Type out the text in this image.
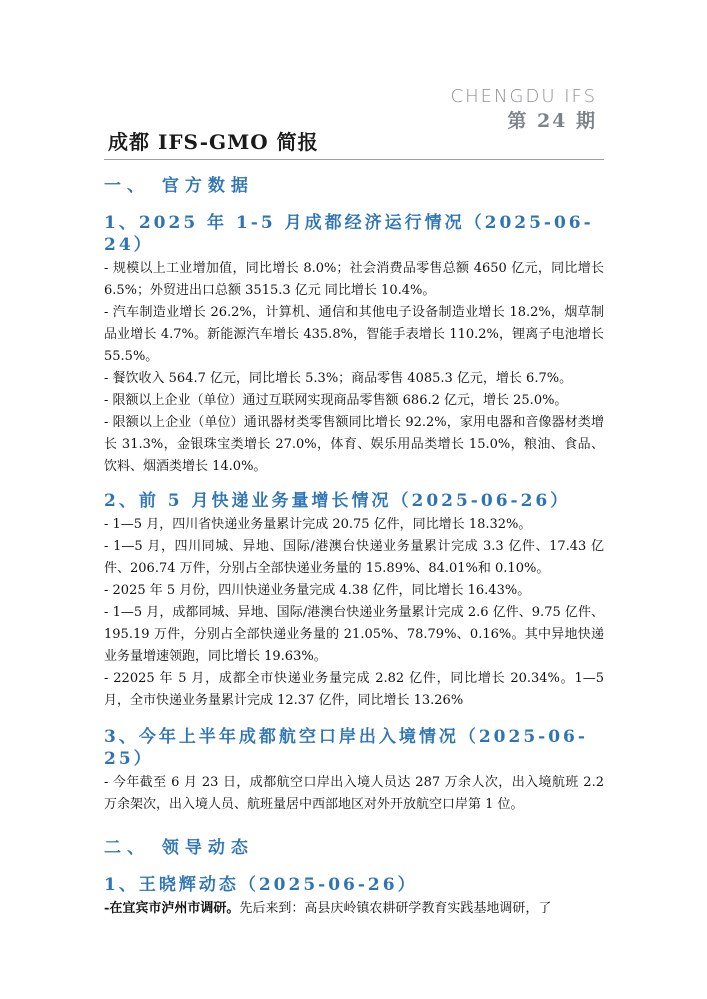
CHENGDU IFS
第 24 期
成都 IFS-GMO 简报
一、 官方数据
1、2025 年 1-5 月成都经济运行情况（2025-06-24）

- 规模以上工业增加值，同比增长 8.0%；社会消费品零售总额 4650 亿元，同比增长 6.5%；外贸进出口总额 3515.3 亿元 同比增长 10.4%。

- 汽车制造业增长 26.2%，计算机、通信和其他电子设备制造业增长 18.2%，烟草制品业增长 4.7%。新能源汽车增长 435.8%，智能手表增长 110.2%，锂离子电池增长 55.5%。

- 餐饮收入 564.7 亿元，同比增长 5.3%；商品零售 4085.3 亿元，增长 6.7%。

- 限额以上企业（单位）通过互联网实现商品零售额 686.2 亿元，增长 25.0%。

- 限额以上企业（单位）通讯器材类零售额同比增长 92.2%，家用电器和音像器材类增长 31.3%，金银珠宝类增长 27.0%，体育、娱乐用品类增长 15.0%，粮油、食品、饮料、烟酒类增长 14.0%。

2、前 5 月快递业务量增长情况（2025-06-26）

- 1—5 月，四川省快递业务量累计完成 20.75 亿件，同比增长 18.32%。

- 1—5 月，四川同城、异地、国际/港澳台快递业务量累计完成 3.3 亿件、17.43 亿件、206.74 万件，分别占全部快递业务量的 15.89%、84.01%和 0.10%。

- 2025 年 5 月份，四川快递业务量完成 4.38 亿件，同比增长 16.43%。

- 1—5 月，成都同城、异地、国际/港澳台快递业务量累计完成 2.6 亿件、9.75 亿件、195.19 万件，分别占全部快递业务量的 21.05%、78.79%、0.16%。其中异地快递业务量增速领跑，同比增长 19.63%。

- 22025 年 5 月，成都全市快递业务量完成 2.82 亿件，同比增长 20.34%。1—5 月，全市快递业务量累计完成 12.37 亿件，同比增长 13.26%

3、今年上半年成都航空口岸出入境情况（2025-06-25）

- 今年截至 6 月 23 日，成都航空口岸出入境人员达 287 万余人次，出入境航班 2.2 万余架次，出入境人员、航班量居中西部地区对外开放航空口岸第 1 位。

二、 领导动态
1、王晓辉动态（2025-06-26）

-在宜宾市泸州市调研。先后来到：高县庆岭镇农耕研学教育实践基地调研，了
